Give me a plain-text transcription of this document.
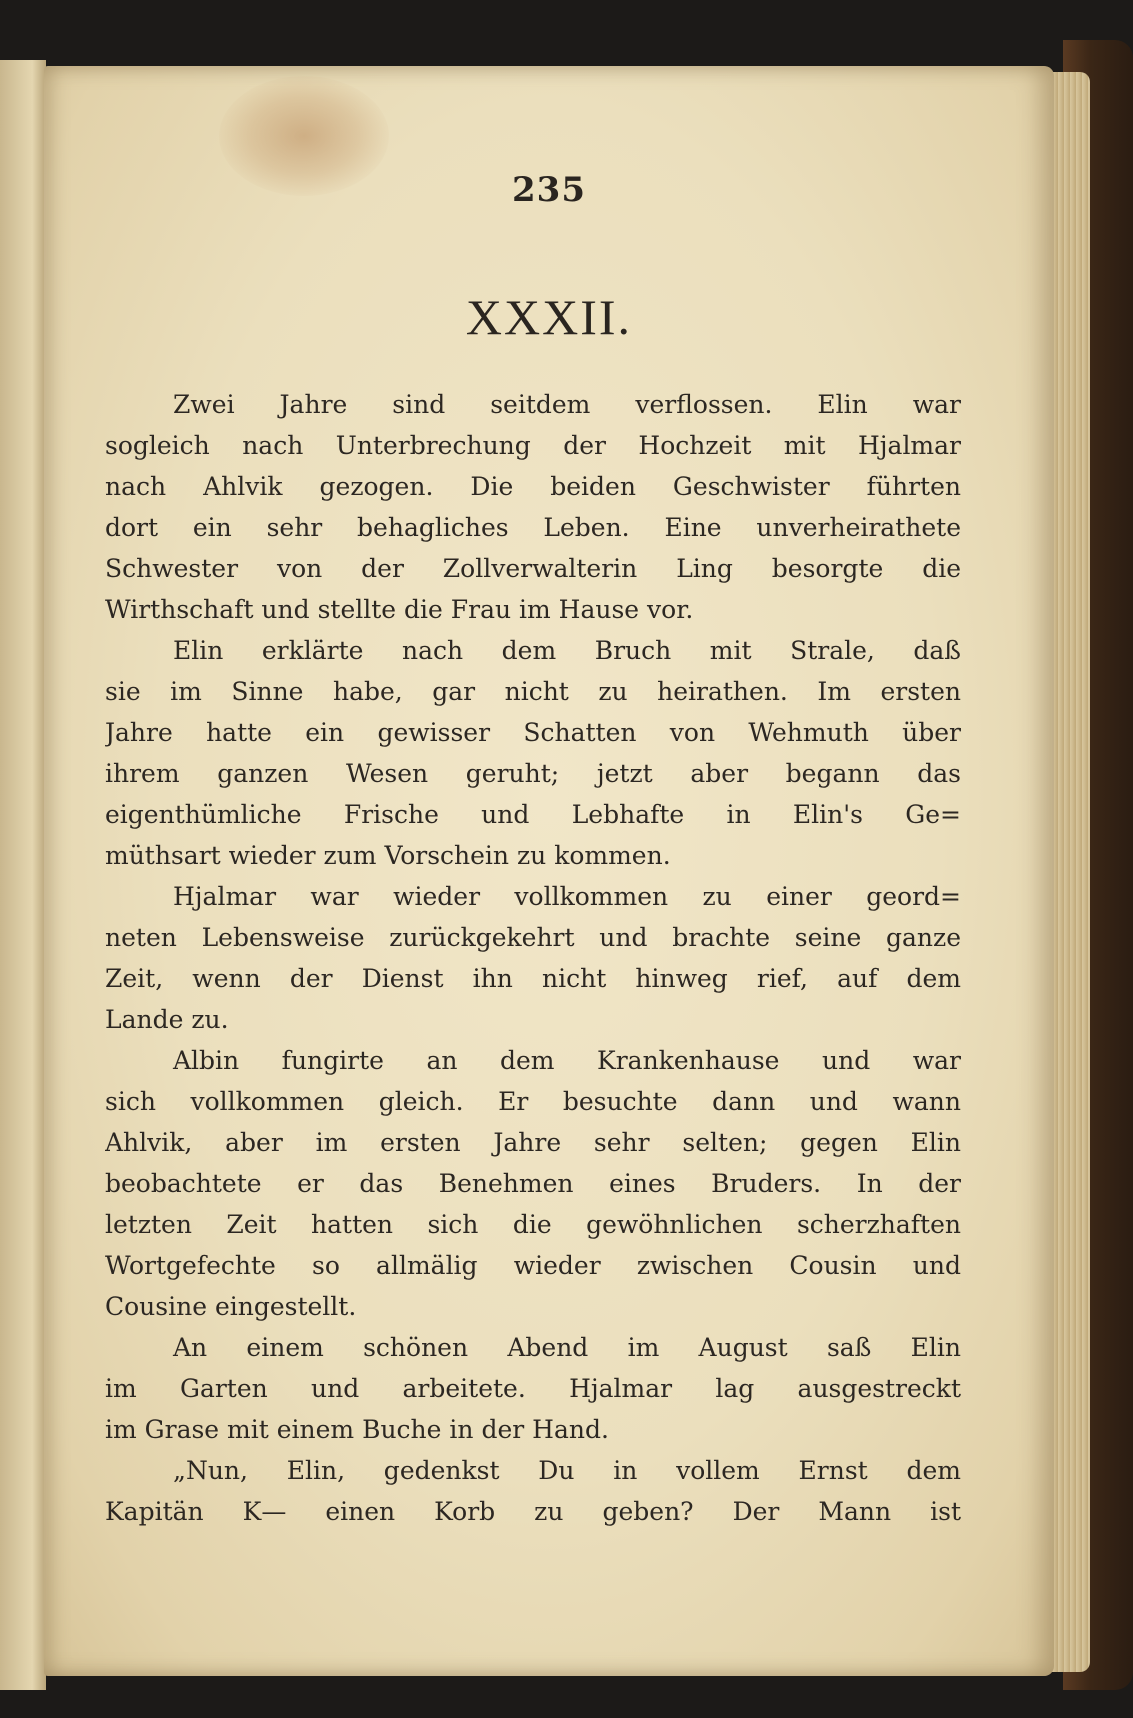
235
XXXII.
Zwei Jahre sind seitdem verflossen. Elin war
sogleich nach Unterbrechung der Hochzeit mit Hjalmar
nach Ahlvik gezogen. Die beiden Geschwister führten
dort ein sehr behagliches Leben. Eine unverheirathete
Schwester von der Zollverwalterin Ling besorgte die
Wirthschaft und stellte die Frau im Hause vor.
Elin erklärte nach dem Bruch mit Strale, daß
sie im Sinne habe, gar nicht zu heirathen. Im ersten
Jahre hatte ein gewisser Schatten von Wehmuth über
ihrem ganzen Wesen geruht; jetzt aber begann das
eigenthümliche Frische und Lebhafte in Elin's Ge=
müthsart wieder zum Vorschein zu kommen.
Hjalmar war wieder vollkommen zu einer geord=
neten Lebensweise zurückgekehrt und brachte seine ganze
Zeit, wenn der Dienst ihn nicht hinweg rief, auf dem
Lande zu.
Albin fungirte an dem Krankenhause und war
sich vollkommen gleich. Er besuchte dann und wann
Ahlvik, aber im ersten Jahre sehr selten; gegen Elin
beobachtete er das Benehmen eines Bruders. In der
letzten Zeit hatten sich die gewöhnlichen scherzhaften
Wortgefechte so allmälig wieder zwischen Cousin und
Cousine eingestellt.
An einem schönen Abend im August saß Elin
im Garten und arbeitete. Hjalmar lag ausgestreckt
im Grase mit einem Buche in der Hand.
„Nun, Elin, gedenkst Du in vollem Ernst dem
Kapitän K— einen Korb zu geben? Der Mann ist
